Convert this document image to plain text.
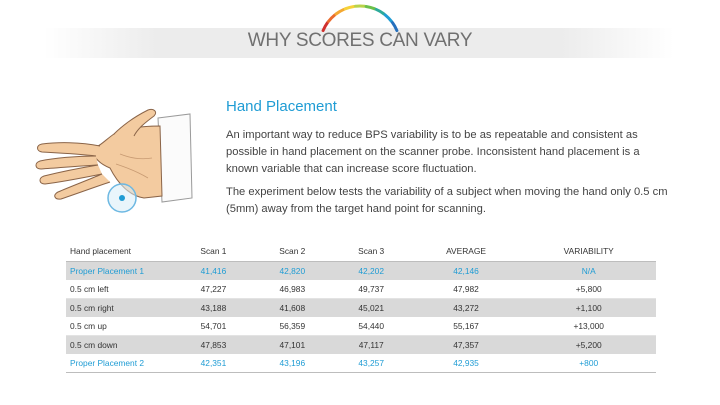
WHY SCORES CAN VARY
Hand Placement
An important way to reduce BPS variability is to be as repeatable and consistent as possible in hand placement on the scanner probe. Inconsistent hand placement is a known variable that can increase score fluctuation.
The experiment below tests the variability of a subject when moving the hand only 0.5 cm (5mm) away from the target hand point for scanning.
Hand placement	Scan 1	Scan 2	Scan 3	AVERAGE	VARIABILITY
Proper Placement 1	41,416	42,820	42,202	42,146	N/A
0.5 cm left	47,227	46,983	49,737	47,982	+5,800
0.5 cm right	43,188	41,608	45,021	43,272	+1,100
0.5 cm up	54,701	56,359	54,440	55,167	+13,000
0.5 cm down	47,853	47,101	47,117	47,357	+5,200
Proper Placement 2	42,351	43,196	43,257	42,935	+800
